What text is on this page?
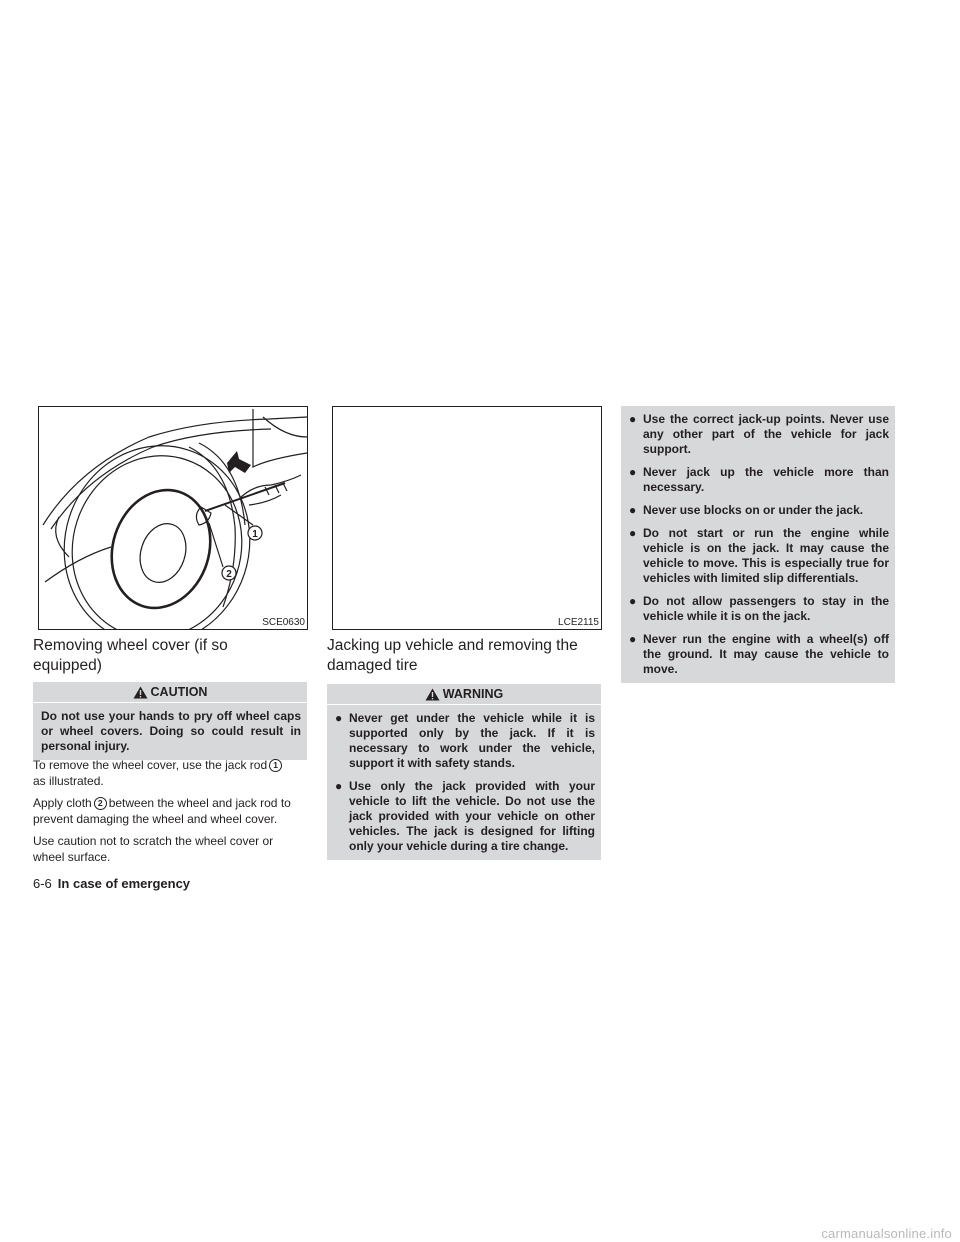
1
2
SCE0630	LCE2115
Removing wheel cover (if so equipped)
CAUTION

Do not use your hands to pry off wheel caps or wheel covers. Doing so could result in personal injury.

To remove the wheel cover, use the jack rod 1
as illustrated.

Apply cloth 2 between the wheel and jack rod to prevent damaging the wheel and wheel cover.

Use caution not to scratch the wheel cover or wheel surface.

Jacking up vehicle and removing the damaged tire
WARNING
● Never get under the vehicle while it is supported only by the jack. If it is necessary to work under the vehicle, support it with safety stands.
● Use only the jack provided with your vehicle to lift the vehicle. Do not use the jack provided with your vehicle on other vehicles. The jack is designed for lifting only your vehicle during a tire change.
● Use the correct jack-up points. Never use any other part of the vehicle for jack support.
● Never jack up the vehicle more than necessary.
● Never use blocks on or under the jack.
● Do not start or run the engine while vehicle is on the jack. It may cause the vehicle to move. This is especially true for vehicles with limited slip differentials.
● Do not allow passengers to stay in the vehicle while it is on the jack.
● Never run the engine with a wheel(s) off the ground. It may cause the vehicle to move.
6-6 In case of emergency
carmanualsonline.info
